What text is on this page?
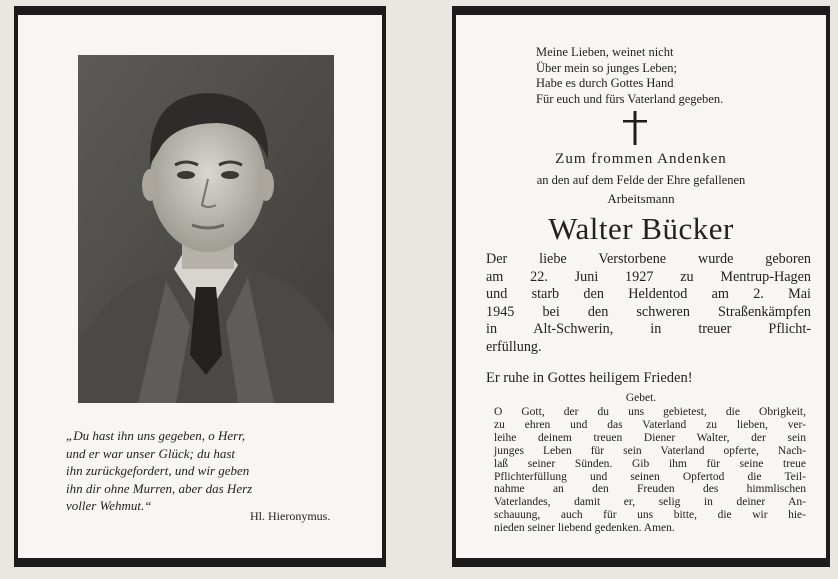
„Du hast ihn uns gegeben, o Herr,
und er war unser Glück; du hast
ihn zurückgefordert, und wir geben
ihn dir ohne Murren, aber das Herz
voller Wehmut.“
Hl. Hieronymus.
Meine Lieben, weinet nicht
Über mein so junges Leben;
Habe es durch Gottes Hand
Für euch und fürs Vaterland gegeben.
Zum frommen Andenken
an den auf dem Felde der Ehre gefallenen
Arbeitsmann
Walter Bücker
Der liebe Verstorbene wurde geboren
am 22. Juni 1927 zu Mentrup-Hagen
und starb den Heldentod am 2. Mai
1945 bei den schweren Straßenkämpfen
in Alt-Schwerin, in treuer Pflicht-
erfüllung.
Er ruhe in Gottes heiligem Frieden!
Gebet.
O Gott, der du uns gebietest, die Obrigkeit,
zu ehren und das Vaterland zu lieben, ver-
leihe deinem treuen Diener Walter, der sein
junges Leben für sein Vaterland opferte, Nach-
laß seiner Sünden. Gib ihm für seine treue
Pflichterfüllung und seinen Opfertod die Teil-
nahme an den Freuden des himmlischen
Vaterlandes, damit er, selig in deiner An-
schauung, auch für uns bitte, die wir hie-
nieden seiner liebend gedenken. Amen.
